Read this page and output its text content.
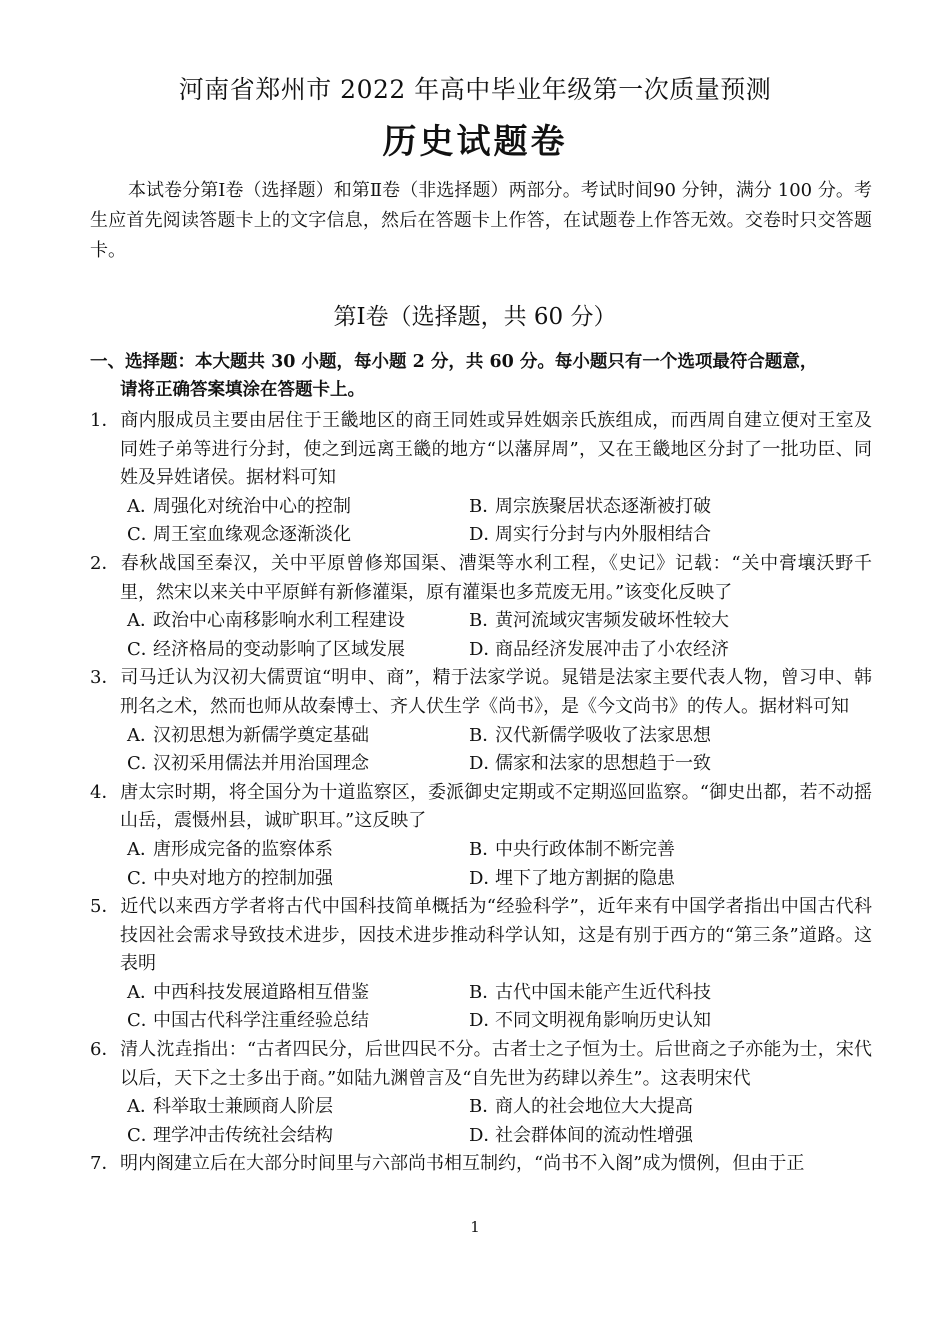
河南省郑州市 2022 年高中毕业年级第一次质量预测
历史试题卷
本试卷分第Ⅰ卷（选择题）和第Ⅱ卷（非选择题）两部分。考试时间90 分钟，满分 100 分。考生应首先阅读答题卡上的文字信息，然后在答题卡上作答，在试题卷上作答无效。交卷时只交答题卡。
第Ⅰ卷（选择题，共 60 分）
一、选择题：本大题共 30 小题，每小题 2 分，共 60 分。每小题只有一个选项最符合题意，
请将正确答案填涂在答题卡上。
1．商内服成员主要由居住于王畿地区的商王同姓或异姓姻亲氏族组成，而西周自建立便对王室及同姓子弟等进行分封，使之到远离王畿的地方“以藩屏周”，又在王畿地区分封了一批功臣、同姓及异姓诸侯。据材料可知
A．周强化对统治中心的控制	B．周宗族聚居状态逐渐被打破
C．周王室血缘观念逐渐淡化	D．周实行分封与内外服相结合
2．春秋战国至秦汉，关中平原曾修郑国渠、漕渠等水利工程，《史记》记载：“关中膏壤沃野千里，然宋以来关中平原鲜有新修灌渠，原有灌渠也多荒废无用。”该变化反映了
A．政治中心南移影响水利工程建设	B．黄河流域灾害频发破坏性较大
C．经济格局的变动影响了区域发展	D．商品经济发展冲击了小农经济
3．司马迁认为汉初大儒贾谊“明申、商”，精于法家学说。晁错是法家主要代表人物，曾习申、韩刑名之术，然而也师从故秦博士、齐人伏生学《尚书》，是《今文尚书》的传人。据材料可知
A．汉初思想为新儒学奠定基础	B．汉代新儒学吸收了法家思想
C．汉初采用儒法并用治国理念	D．儒家和法家的思想趋于一致
4．唐太宗时期，将全国分为十道监察区，委派御史定期或不定期巡回监察。“御史出都，若不动摇山岳，震慑州县，诚旷职耳。”这反映了
A．唐形成完备的监察体系	B．中央行政体制不断完善
C．中央对地方的控制加强	D．埋下了地方割据的隐患
5．近代以来西方学者将古代中国科技简单概括为“经验科学”，近年来有中国学者指出中国古代科技因社会需求导致技术进步，因技术进步推动科学认知，这是有别于西方的“第三条”道路。这表明
A．中西科技发展道路相互借鉴	B．古代中国未能产生近代科技
C．中国古代科学注重经验总结	D．不同文明视角影响历史认知
6．清人沈垚指出：“古者四民分，后世四民不分。古者士之子恒为士。后世商之子亦能为士，宋代以后，天下之士多出于商。”如陆九渊曾言及“自先世为药肆以养生”。这表明宋代
A．科举取士兼顾商人阶层	B．商人的社会地位大大提高
C．理学冲击传统社会结构	D．社会群体间的流动性增强
7．明内阁建立后在大部分时间里与六部尚书相互制约，“尚书不入阁”成为惯例，但由于正
1
